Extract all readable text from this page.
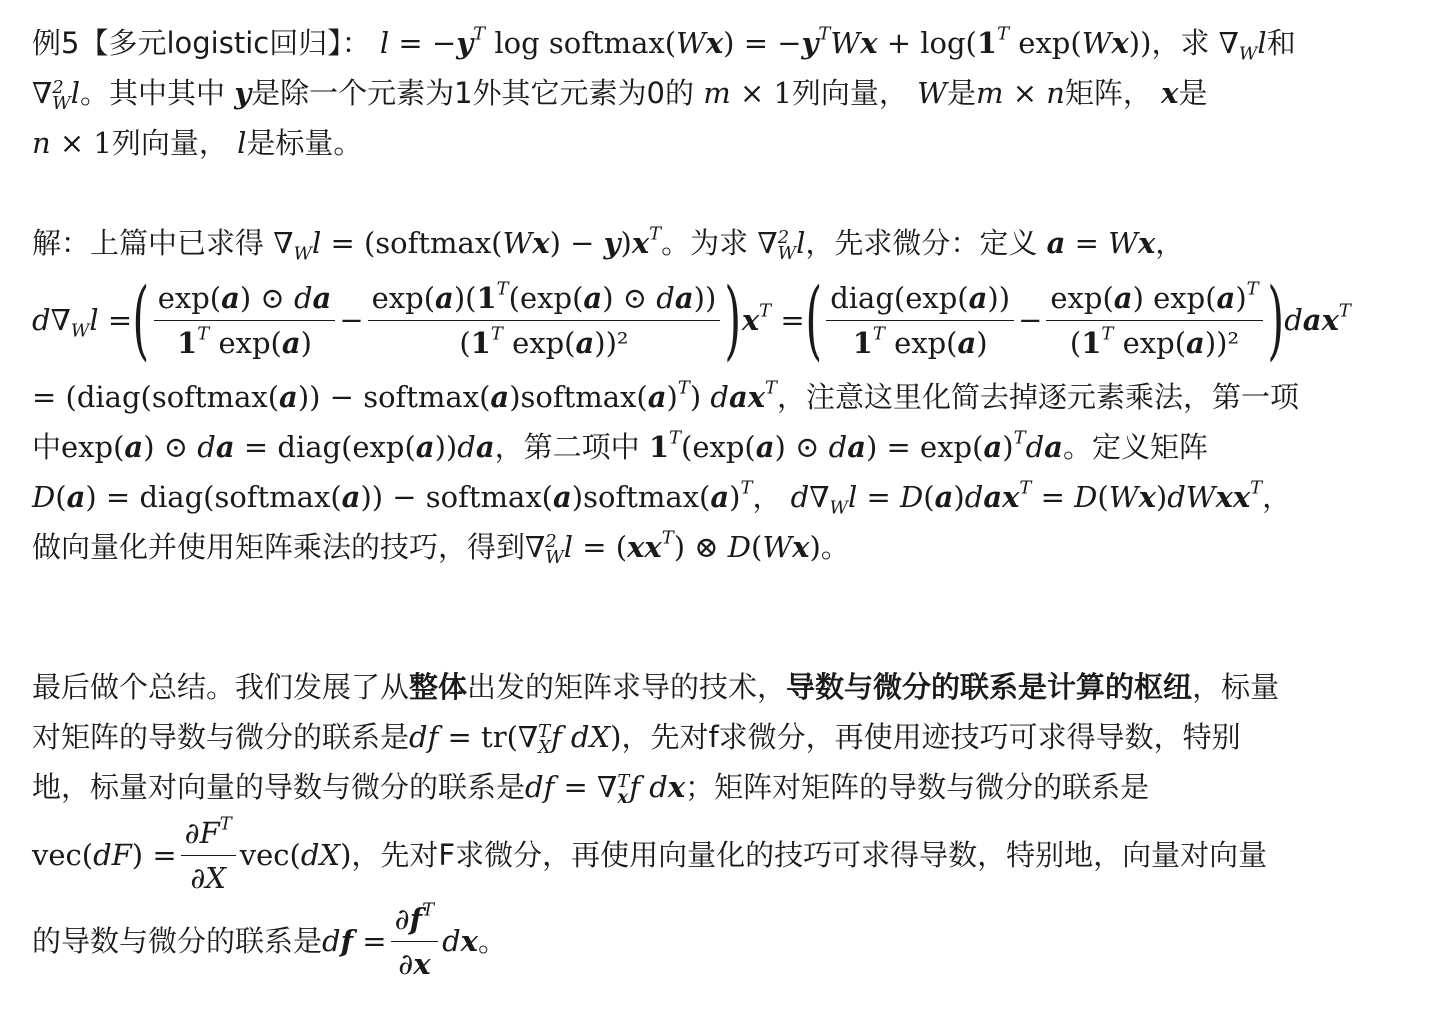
例5【多元logistic回归】： $l = -y^T$ log softmax(Wx) = $-y^TWx + \log(1^T$ exp(Wx))，求 $\nabla_Wl$和
∇ 2
W l。其中其中 y是除一个元素为1外其它元素为0的 m × 1列向量， W是m × n矩阵， x是
n × 1列向量， l是标量。

解：上篇中已求得 $\nabla_Wl$ = (softmax(Wx) − $y)x^T$。为求 ∇ 2
W l，先求微分：定义 a = Wx，

$d\nabla_Wl$ = ( $\frac{\exp(a) ⊙ da}{1^T \exp(a)} - \frac{\exp(a)(1^T(\exp(a) ⊙ da))}{(1^T \exp(a))^2}$ ) $x^T$ = ( $\frac{\text{diag(exp(a))}}{1^T \exp(a)} - \frac{\exp(a) \exp(a)^T}{(1^T \exp(a))^2}$ ) dax$^T$

= (diag(softmax(a)) − $softmax(a)softmax(a)^T$) dax$^T$，注意这里化简去掉逐元素乘法，第一项
中exp(a) ⊙ da = diag(exp(a))da，第二项中 $1^T(\exp(a)$ ⊙ $da) = \exp(a)^Tda$。定义矩阵
D(a) = diag(softmax(a)) − $softmax(a)softmax(a)^T$， $d\nabla_Wl = D(a)dax^T$ = D(Wx)dWxx$^T$，
做向量化并使用矩阵乘法的技巧，得到∇ 2
W $l = (xx^T)$ ⊗ D(Wx)。

最后做个总结。我们发展了从整体出发的矩阵求导的技术，导数与微分的联系是计算的枢纽，标量
对矩阵的导数与微分的联系是df = tr(∇ T
X f dX)，先对f求微分，再使用迹技巧可求得导数，特别
地，标量对向量的导数与微分的联系是df = ∇ T
x f dx；矩阵对矩阵的导数与微分的联系是

$vec(dF) = \frac{\partial F^T}{\partial X} vec(dX)$ ，先对F求微分，再使用向量化的技巧可求得导数，特别地，向量对向量
的导数与微分的联系是 df = $\frac{\partial f^T}{\partial x}$ dx 。
